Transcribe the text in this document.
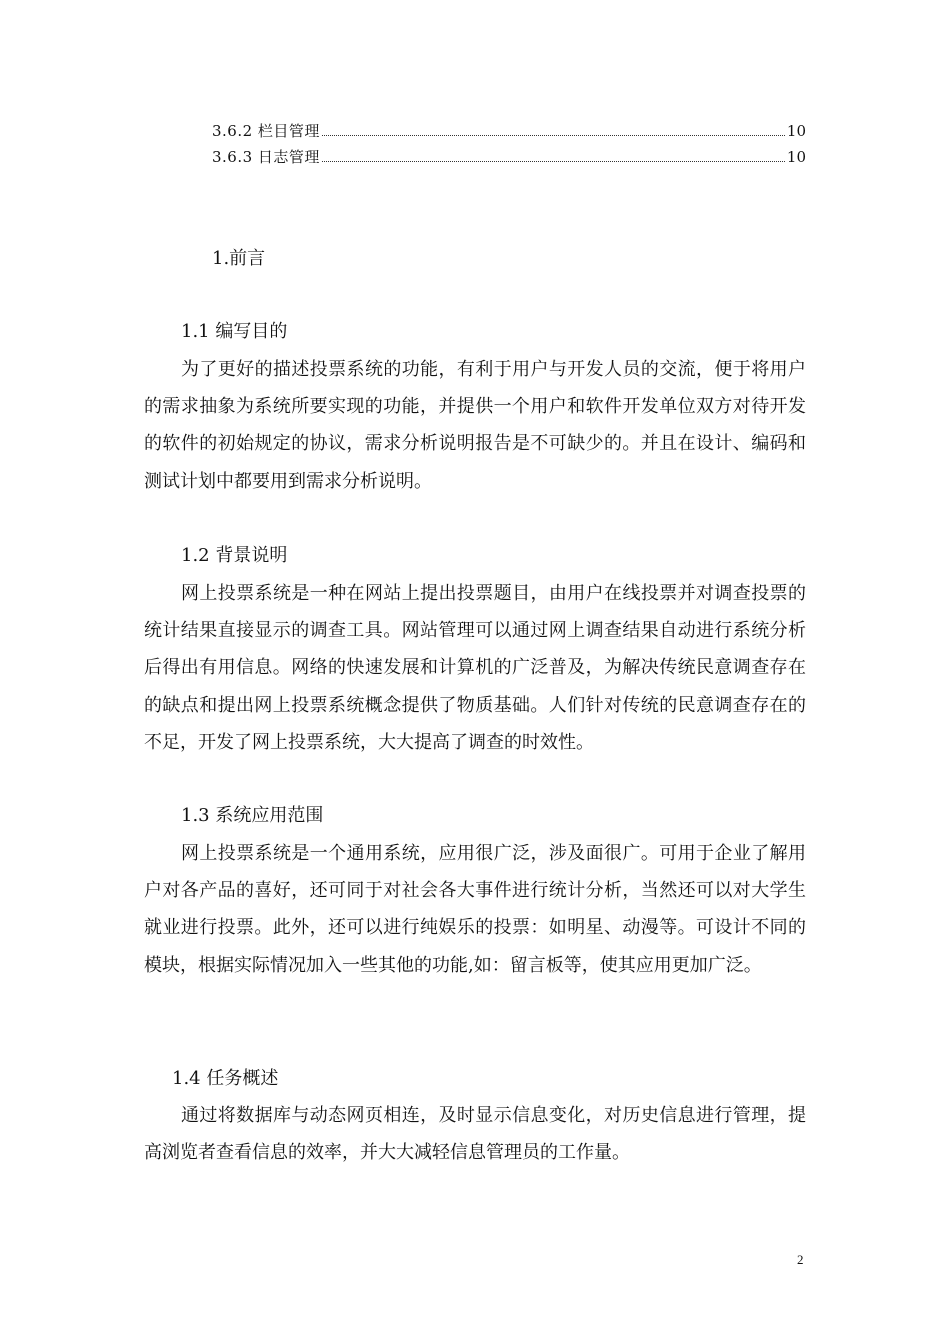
3.6.2 栏目管理	10
3.6.3 日志管理	10
1.前言
1.1 编写目的

为了更好的描述投票系统的功能，有利于用户与开发人员的交流，便于将用户的需求抽象为系统所要实现的功能，并提供一个用户和软件开发单位双方对待开发的软件的初始规定的协议，需求分析说明报告是不可缺少的。并且在设计、编码和测试计划中都要用到需求分析说明。

1.2 背景说明

网上投票系统是一种在网站上提出投票题目，由用户在线投票并对调查投票的统计结果直接显示的调查工具。网站管理可以通过网上调查结果自动进行系统分析后得出有用信息。网络的快速发展和计算机的广泛普及，为解决传统民意调查存在的缺点和提出网上投票系统概念提供了物质基础。人们针对传统的民意调查存在的不足，开发了网上投票系统，大大提高了调查的时效性。

1.3 系统应用范围

网上投票系统是一个通用系统，应用很广泛，涉及面很广。可用于企业了解用户对各产品的喜好，还可同于对社会各大事件进行统计分析，当然还可以对大学生就业进行投票。此外，还可以进行纯娱乐的投票：如明星、动漫等。可设计不同的模块，根据实际情况加入一些其他的功能,如：留言板等，使其应用更加广泛。

1.4 任务概述

通过将数据库与动态网页相连，及时显示信息变化，对历史信息进行管理，提高浏览者查看信息的效率，并大大减轻信息管理员的工作量。

2
